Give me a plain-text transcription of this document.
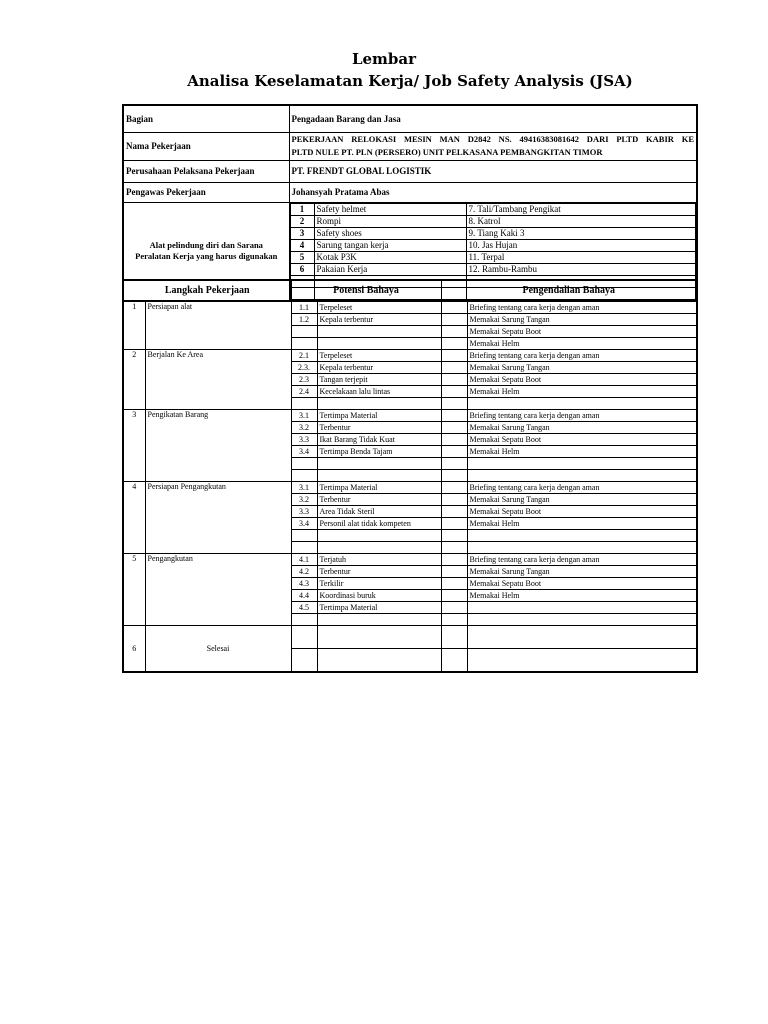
Lembar
Analisa Keselamatan Kerja/ Job Safety Analysis (JSA)
Bagian	Pengadaan Barang dan Jasa
Nama Pekerjaan	
PEKERJAAN RELOKASI MESIN MAN D2842 NS. 49416383081642 DARI PLTD KABIR KE
PLTD NULE PT. PLN (PERSERO) UNIT PELKASANA PEMBANGKITAN TIMOR

Perusahaan Pelaksana Pekerjaan	PT. FRENDT GLOBAL LOGISTIK
Pengawas Pekerjaan	Johansyah Pratama Abas

Alat pelindung diri dan Sarana
Peralatan Kerja yang harus digunakan

1	Safety helmet	7. Tali/Tambang Pengikat
2	Rompi	8. Katrol
3	Safety shoes	9. Tiang Kaki 3
4	Sarung tangan kerja	10. Jas Hujan
5	Kotak P3K	11. Terpal
6	Pakaian Kerja	12. Rambu-Rambu

Langkah Pekerjaan		Potensi Bahaya		Pengendalian Bahaya	
1	Persiapan alat	1.1	Terpeleset		Briefing tentang cara kerja dengan aman
		1.2	Kepala terbentur		Memakai Sarung Tangan
					Memakai Sepatu Boot
					Memakai Helm
2	Berjalan Ke Area	2.1	Terpeleset		Briefing tentang cara kerja dengan aman
		2.3.	Kepala terbentur		Memakai Sarung Tangan
		2.3	Tangan terjepit		Memakai Sepatu Boot
		2.4	Kecelakaan lalu lintas		Memakai Helm

3	Pengikatan Barang	3.1	Tertimpa Material		Briefing tentang cara kerja dengan aman
		3.2	Terbentur		Memakai Sarung Tangan
		3.3	Ikat Barang Tidak Kuat		Memakai Sepatu Boot
		3.4	Tertimpa Benda Tajam		Memakai Helm

4	Persiapan Pengangkutan	3.1	Tertimpa Material		Briefing tentang cara kerja dengan aman
		3.2	Terbentur		Memakai Sarung Tangan
		3.3	Area Tidak Steril		Memakai Sepatu Boot
		3.4	Personil alat tidak kompeten		Memakai Helm

5	Pengangkutan	4.1	Terjatuh		Briefing tentang cara kerja dengan aman
		4.2	Terbentur		Memakai Sarung Tangan
		4.3	Terkilir		Memakai Sepatu Boot
		4.4	Koordinasi buruk		Memakai Helm
		4.5	Tertimpa Material		

6	Selesai				
